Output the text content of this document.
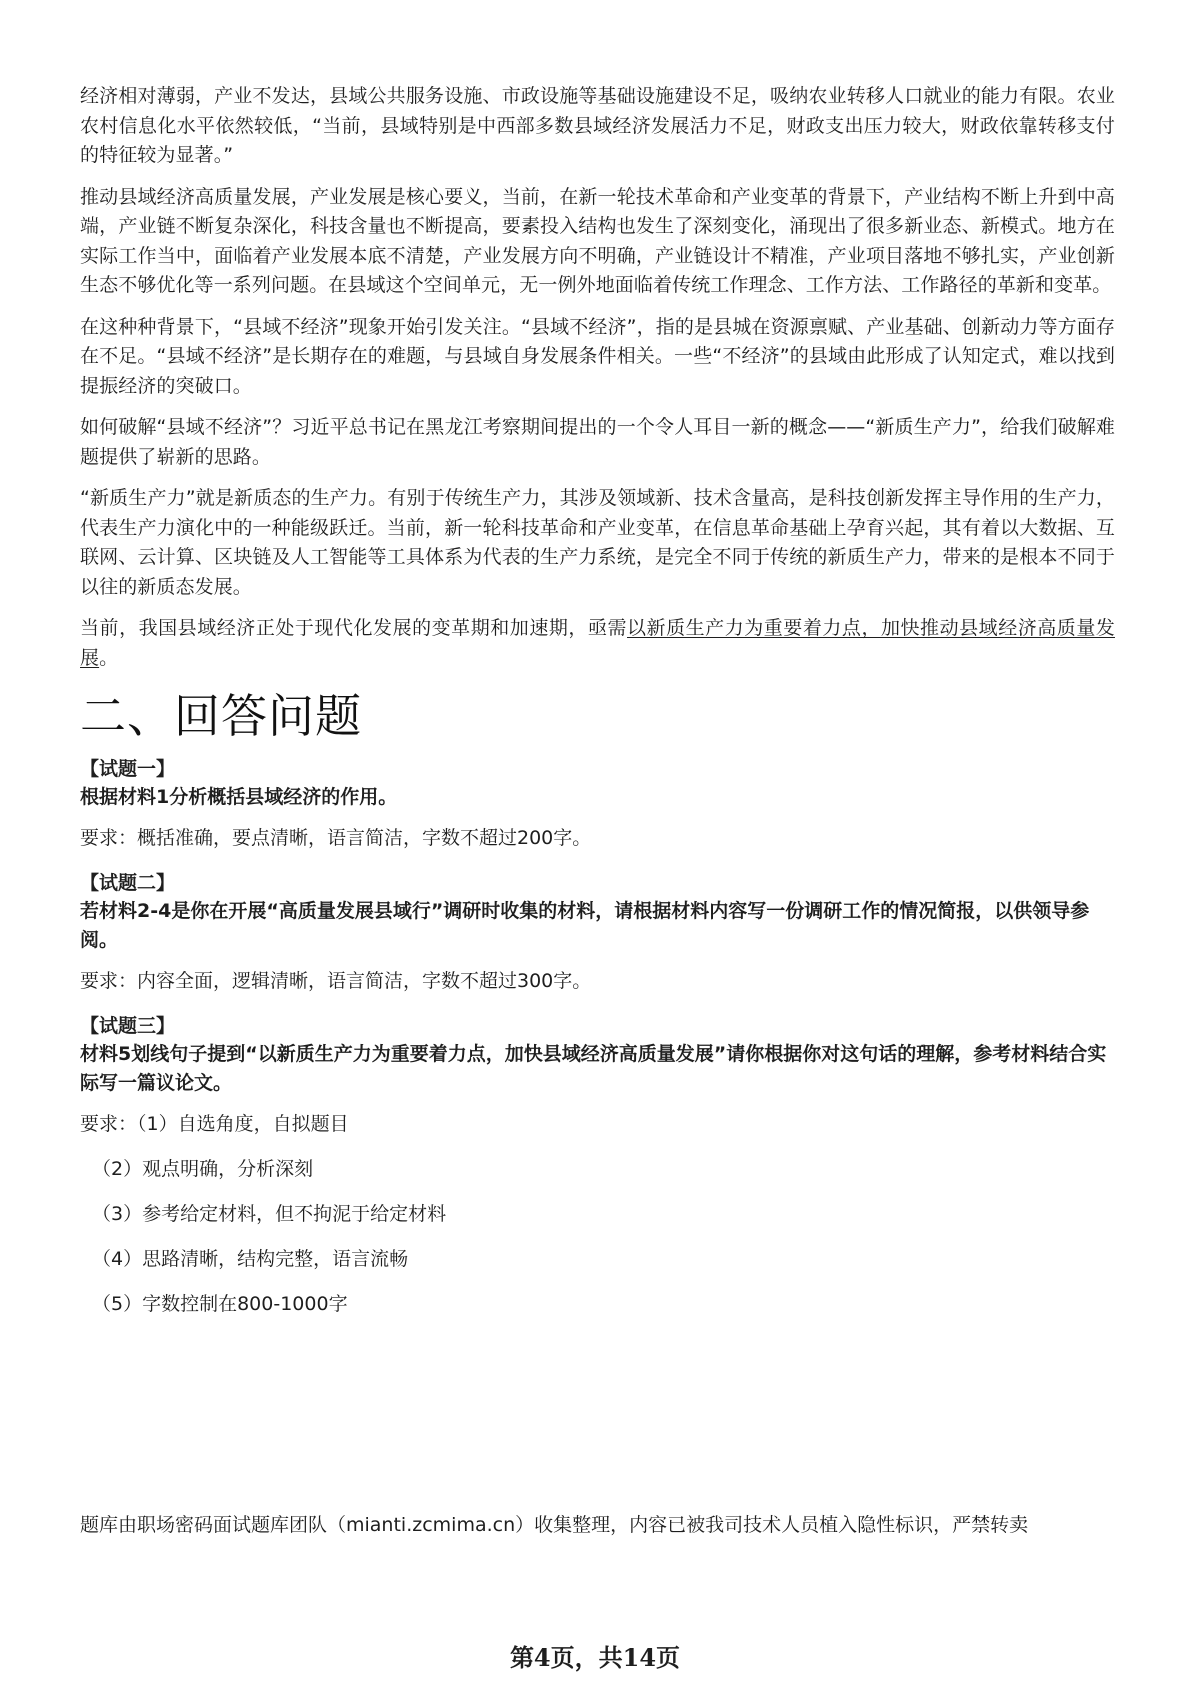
经济相对薄弱，产业不发达，县域公共服务设施、市政设施等基础设施建设不足，吸纳农业转移人口就业的能力有限。农业农村信息化水平依然较低，“当前，县域特别是中西部多数县域经济发展活力不足，财政支出压力较大，财政依靠转移支付的特征较为显著。”

推动县域经济高质量发展，产业发展是核心要义，当前，在新一轮技术革命和产业变革的背景下，产业结构不断上升到中高端，产业链不断复杂深化，科技含量也不断提高，要素投入结构也发生了深刻变化，涌现出了很多新业态、新模式。地方在实际工作当中，面临着产业发展本底不清楚，产业发展方向不明确，产业链设计不精准，产业项目落地不够扎实，产业创新生态不够优化等一系列问题。在县域这个空间单元，无一例外地面临着传统工作理念、工作方法、工作路径的革新和变革。

在这种种背景下，“县域不经济”现象开始引发关注。“县域不经济”，指的是县城在资源禀赋、产业基础、创新动力等方面存在不足。“县域不经济”是长期存在的难题，与县域自身发展条件相关。一些“不经济”的县域由此形成了认知定式，难以找到提振经济的突破口。

如何破解“县域不经济”？习近平总书记在黑龙江考察期间提出的一个令人耳目一新的概念——“新质生产力”，给我们破解难题提供了崭新的思路。

“新质生产力”就是新质态的生产力。有别于传统生产力，其涉及领域新、技术含量高，是科技创新发挥主导作用的生产力，代表生产力演化中的一种能级跃迁。当前，新一轮科技革命和产业变革，在信息革命基础上孕育兴起，其有着以大数据、互联网、云计算、区块链及人工智能等工具体系为代表的生产力系统，是完全不同于传统的新质生产力，带来的是根本不同于以往的新质态发展。

当前，我国县域经济正处于现代化发展的变革期和加速期，亟需以新质生产力为重要着力点，加快推动县域经济高质量发展。

二、回答问题

【试题一】

根据材料1分析概括县域经济的作用。

要求：概括准确，要点清晰，语言简洁，字数不超过200字。

【试题二】

若材料2-4是你在开展“高质量发展县域行”调研时收集的材料，请根据材料内容写一份调研工作的情况简报，以供领导参阅。

要求：内容全面，逻辑清晰，语言简洁，字数不超过300字。

【试题三】

材料5划线句子提到“以新质生产力为重要着力点，加快县域经济高质量发展”请你根据你对这句话的理解，参考材料结合实际写一篇议论文。

要求：（1）自选角度，自拟题目

（2）观点明确，分析深刻

（3）参考给定材料，但不拘泥于给定材料

（4）思路清晰，结构完整，语言流畅

（5）字数控制在800-1000字

题库由职场密码面试题库团队（mianti.zcmima.cn）收集整理，内容已被我司技术人员植入隐性标识，严禁转卖
第4页，共14页
